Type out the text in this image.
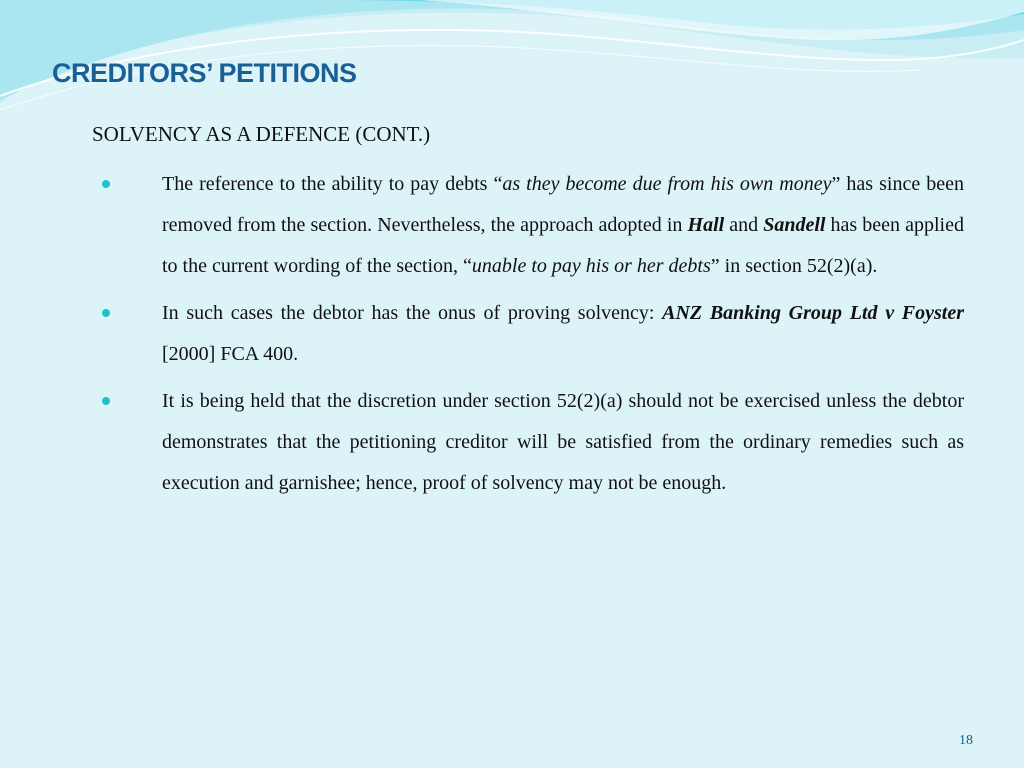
CREDITORS’ PETITIONS
SOLVENCY AS A DEFENCE (CONT.)
The reference to the ability to pay debts “as they become due from his own money” has since been removed from the section. Nevertheless, the approach adopted in Hall and Sandell has been applied to the current wording of the section, “unable to pay his or her debts” in section 52(2)(a).
In such cases the debtor has the onus of proving solvency: ANZ Banking Group Ltd v Foyster [2000] FCA 400.
It is being held that the discretion under section 52(2)(a) should not be exercised unless the debtor demonstrates that the petitioning creditor will be satisfied from the ordinary remedies such as execution and garnishee; hence, proof of solvency may not be enough.
18
